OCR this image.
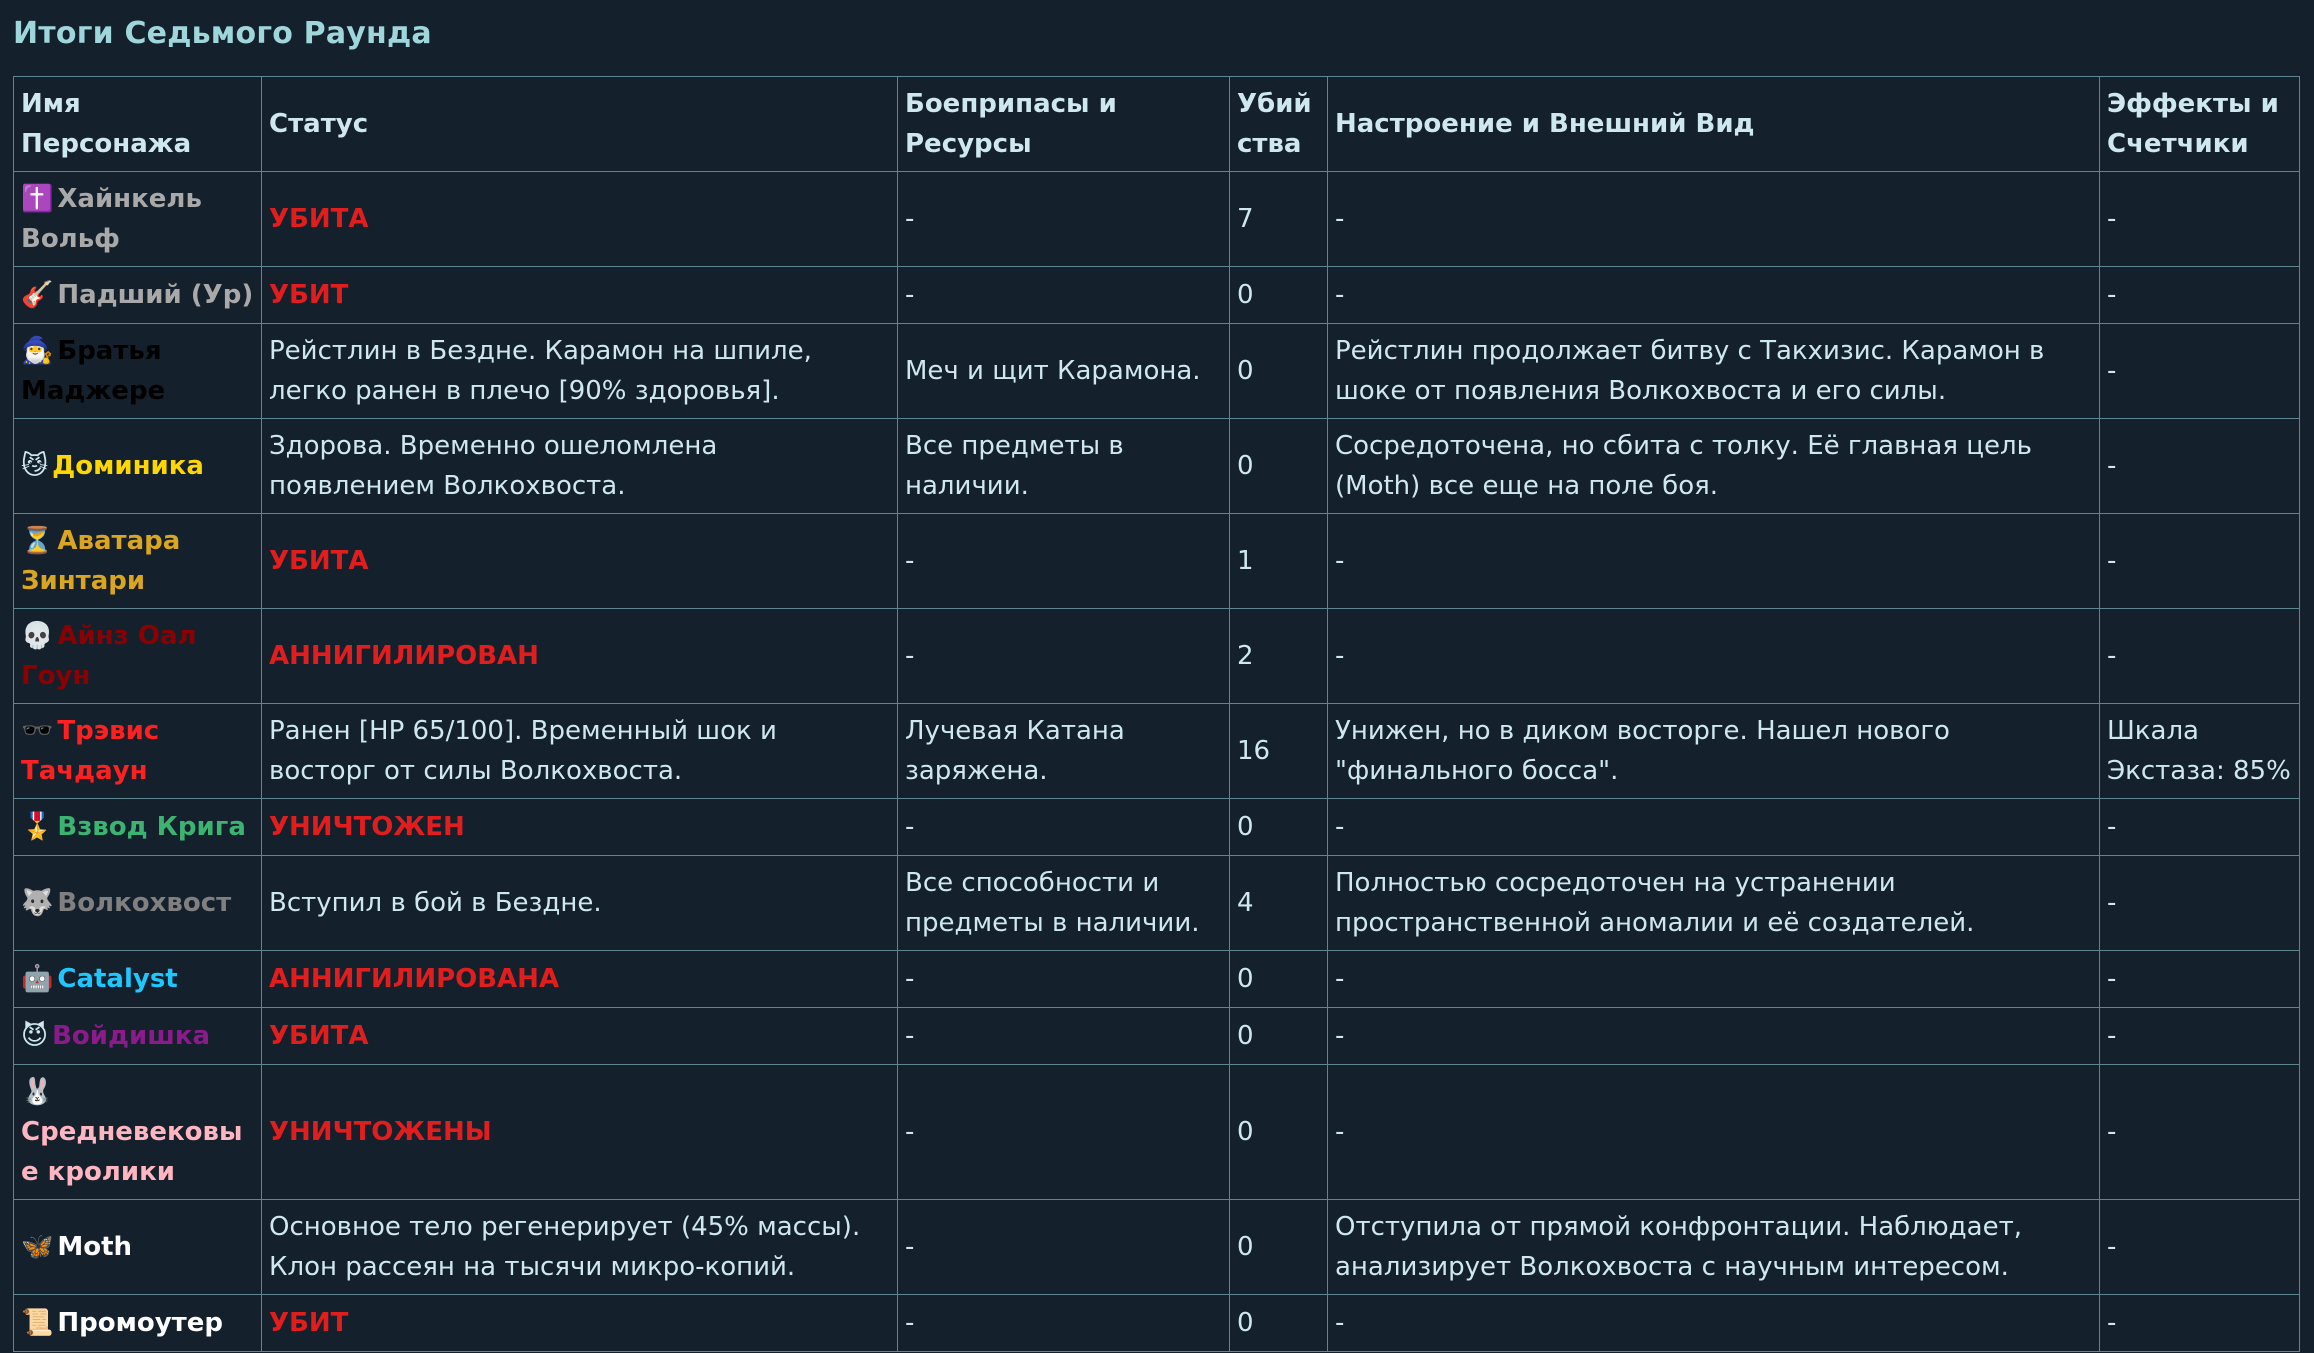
Итоги Седьмого Раунда
Имя Персонажа	Статус	Боеприпасы и Ресурсы	Убийства	Настроение и Внешний Вид	Эффекты и Счетчики
✝️ Хайнкель Вольф	УБИТА	-	7	-	-
🎸 Падший (Ур)	УБИТ	-	0	-	-
🧙‍♂️ Братья Маджере	Рейстлин в Бездне. Карамон на шпиле, легко ранен в плечо [90% здоровья].	Меч и щит Карамона.	0	Рейстлин продолжает битву с Такхизис. Карамон в шоке от появления Волкохвоста и его силы.	-
😼 Доминика	Здорова. Временно ошеломлена появлением Волкохвоста.	Все предметы в наличии.	0	Сосредоточена, но сбита с толку. Её главная цель (Moth) все еще на поле боя.	-
⏳ Аватара Зинтари	УБИТА	-	1	-	-
💀 Айнз Оал Гоун	АННИГИЛИРОВАН	-	2	-	-
🕶️ Трэвис Тачдаун	Ранен [HP 65/100]. Временный шок и восторг от силы Волкохвоста.	Лучевая Катана заряжена.	16	Унижен, но в диком восторге. Нашел нового "финального босса".	Шкала Экстаза: 85%
🎖️ Взвод Крига	УНИЧТОЖЕН	-	0	-	-
🐺 Волкохвост	Вступил в бой в Бездне.	Все способности и предметы в наличии.	4	Полностью сосредоточен на устранении пространственной аномалии и её создателей.	-
🤖 Catalyst	АННИГИЛИРОВАНА	-	0	-	-
😈 Войдишка	УБИТА	-	0	-	-
🐰Средневековые кролики	УНИЧТОЖЕНЫ	-	0	-	-
🦋 Moth	Основное тело регенерирует (45% массы). Клон рассеян на тысячи микро-копий.	-	0	Отступила от прямой конфронтации. Наблюдает, анализирует Волкохвоста с научным интересом.	-
📜 Промоутер	УБИТ	-	0	-	-
